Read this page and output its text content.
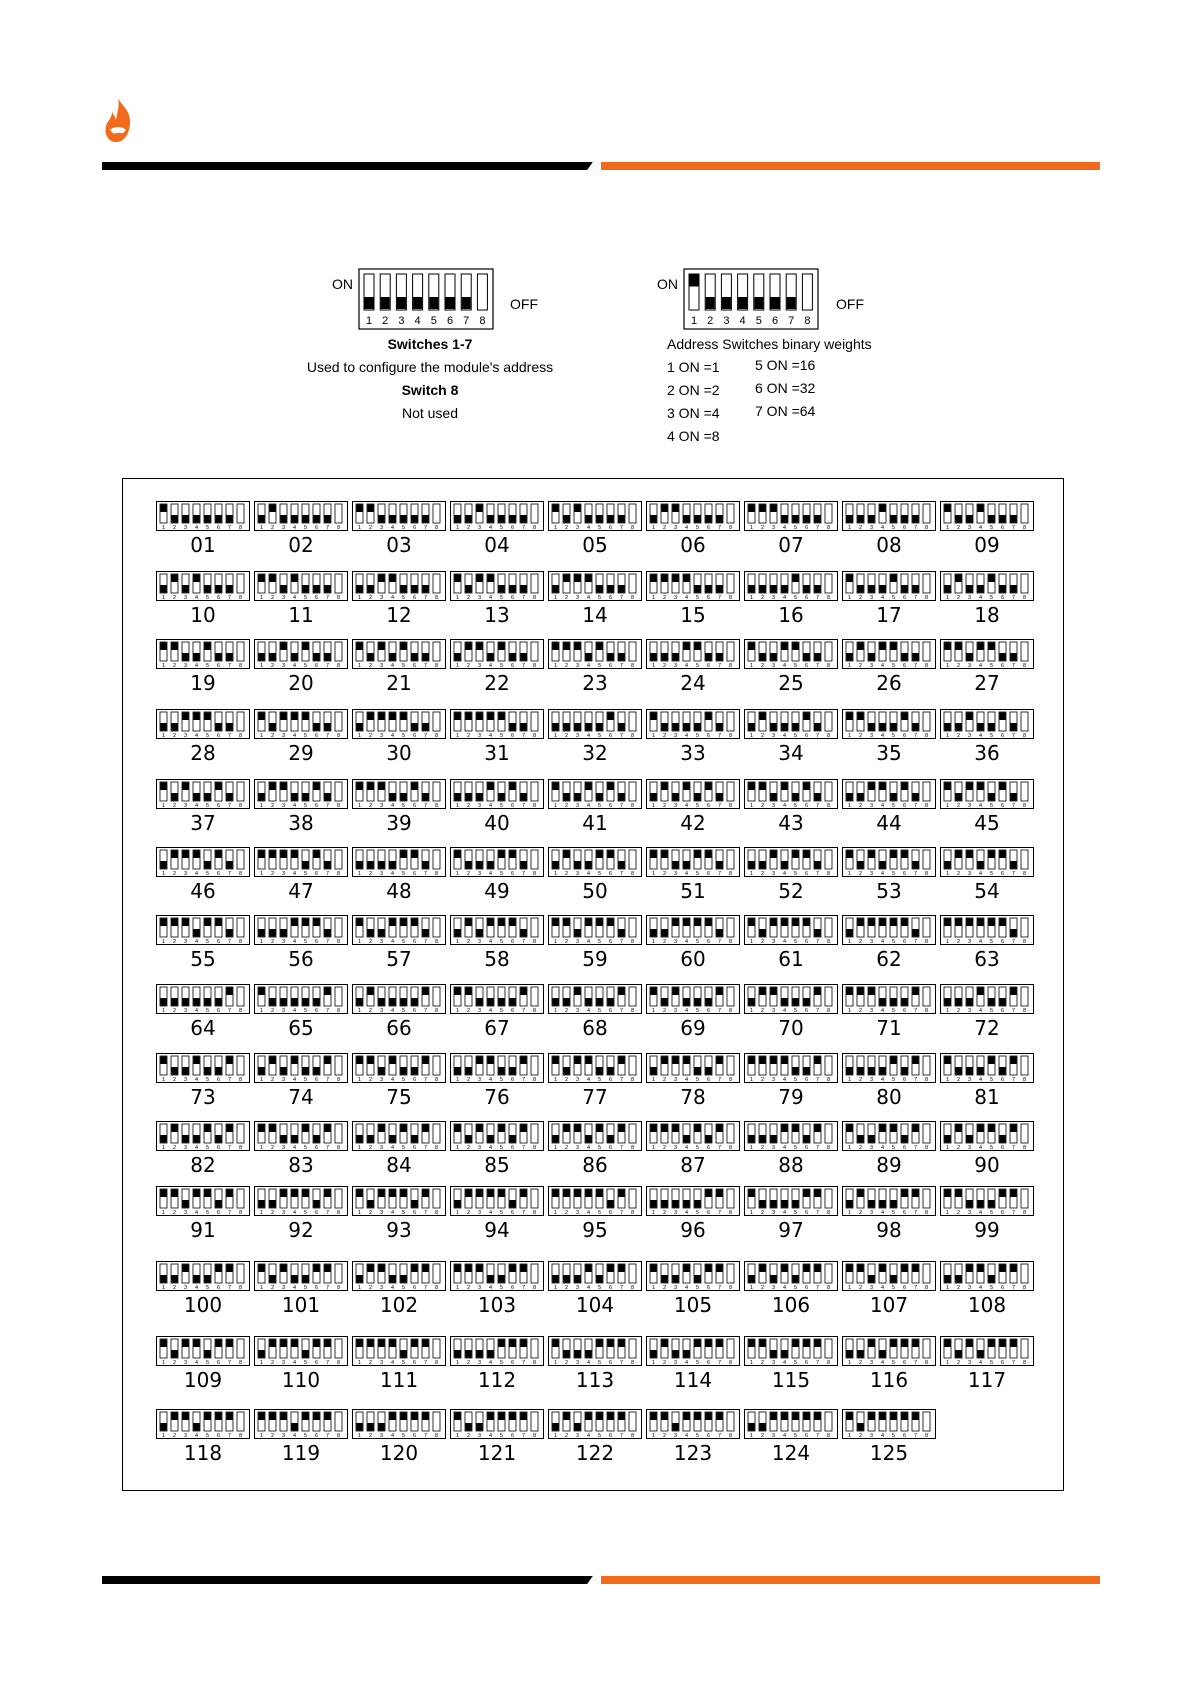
ON
1 2 3 4 5 6 7 8
OFF
Switches 1-7
Used to configure the module's address
Switch 8
Not used
ON
1 2 3 4 5 6 7 8
OFF
Address Switches binary weights
1 ON =1
2 ON =2
3 ON =4
4 ON =8
5 ON =16
6 ON =32
7 ON =64
1 2 3 4 5 6 7 8
01
1 2 3 4 5 6 7 8
02
1 2 3 4 5 6 7 8
03
1 2 3 4 5 6 7 8
04
1 2 3 4 5 6 7 8
05
1 2 3 4 5 6 7 8
06
1 2 3 4 5 6 7 8
07
1 2 3 4 5 6 7 8
08
1 2 3 4 5 6 7 8
09
1 2 3 4 5 6 7 8
10
1 2 3 4 5 6 7 8
11
1 2 3 4 5 6 7 8
12
1 2 3 4 5 6 7 8
13
1 2 3 4 5 6 7 8
14
1 2 3 4 5 6 7 8
15
1 2 3 4 5 6 7 8
16
1 2 3 4 5 6 7 8
17
1 2 3 4 5 6 7 8
18
1 2 3 4 5 6 7 8
19
1 2 3 4 5 6 7 8
20
1 2 3 4 5 6 7 8
21
1 2 3 4 5 6 7 8
22
1 2 3 4 5 6 7 8
23
1 2 3 4 5 6 7 8
24
1 2 3 4 5 6 7 8
25
1 2 3 4 5 6 7 8
26
1 2 3 4 5 6 7 8
27
1 2 3 4 5 6 7 8
28
1 2 3 4 5 6 7 8
29
1 2 3 4 5 6 7 8
30
1 2 3 4 5 6 7 8
31
1 2 3 4 5 6 7 8
32
1 2 3 4 5 6 7 8
33
1 2 3 4 5 6 7 8
34
1 2 3 4 5 6 7 8
35
1 2 3 4 5 6 7 8
36
1 2 3 4 5 6 7 8
37
1 2 3 4 5 6 7 8
38
1 2 3 4 5 6 7 8
39
1 2 3 4 5 6 7 8
40
1 2 3 4 5 6 7 8
41
1 2 3 4 5 6 7 8
42
1 2 3 4 5 6 7 8
43
1 2 3 4 5 6 7 8
44
1 2 3 4 5 6 7 8
45
1 2 3 4 5 6 7 8
46
1 2 3 4 5 6 7 8
47
1 2 3 4 5 6 7 8
48
1 2 3 4 5 6 7 8
49
1 2 3 4 5 6 7 8
50
1 2 3 4 5 6 7 8
51
1 2 3 4 5 6 7 8
52
1 2 3 4 5 6 7 8
53
1 2 3 4 5 6 7 8
54
1 2 3 4 5 6 7 8
55
1 2 3 4 5 6 7 8
56
1 2 3 4 5 6 7 8
57
1 2 3 4 5 6 7 8
58
1 2 3 4 5 6 7 8
59
1 2 3 4 5 6 7 8
60
1 2 3 4 5 6 7 8
61
1 2 3 4 5 6 7 8
62
1 2 3 4 5 6 7 8
63
1 2 3 4 5 6 7 8
64
1 2 3 4 5 6 7 8
65
1 2 3 4 5 6 7 8
66
1 2 3 4 5 6 7 8
67
1 2 3 4 5 6 7 8
68
1 2 3 4 5 6 7 8
69
1 2 3 4 5 6 7 8
70
1 2 3 4 5 6 7 8
71
1 2 3 4 5 6 7 8
72
1 2 3 4 5 6 7 8
73
1 2 3 4 5 6 7 8
74
1 2 3 4 5 6 7 8
75
1 2 3 4 5 6 7 8
76
1 2 3 4 5 6 7 8
77
1 2 3 4 5 6 7 8
78
1 2 3 4 5 6 7 8
79
1 2 3 4 5 6 7 8
80
1 2 3 4 5 6 7 8
81
1 2 3 4 5 6 7 8
82
1 2 3 4 5 6 7 8
83
1 2 3 4 5 6 7 8
84
1 2 3 4 5 6 7 8
85
1 2 3 4 5 6 7 8
86
1 2 3 4 5 6 7 8
87
1 2 3 4 5 6 7 8
88
1 2 3 4 5 6 7 8
89
1 2 3 4 5 6 7 8
90
1 2 3 4 5 6 7 8
91
1 2 3 4 5 6 7 8
92
1 2 3 4 5 6 7 8
93
1 2 3 4 5 6 7 8
94
1 2 3 4 5 6 7 8
95
1 2 3 4 5 6 7 8
96
1 2 3 4 5 6 7 8
97
1 2 3 4 5 6 7 8
98
1 2 3 4 5 6 7 8
99
1 2 3 4 5 6 7 8
100
1 2 3 4 5 6 7 8
101
1 2 3 4 5 6 7 8
102
1 2 3 4 5 6 7 8
103
1 2 3 4 5 6 7 8
104
1 2 3 4 5 6 7 8
105
1 2 3 4 5 6 7 8
106
1 2 3 4 5 6 7 8
107
1 2 3 4 5 6 7 8
108
1 2 3 4 5 6 7 8
109
1 2 3 4 5 6 7 8
110
1 2 3 4 5 6 7 8
111
1 2 3 4 5 6 7 8
112
1 2 3 4 5 6 7 8
113
1 2 3 4 5 6 7 8
114
1 2 3 4 5 6 7 8
115
1 2 3 4 5 6 7 8
116
1 2 3 4 5 6 7 8
117
1 2 3 4 5 6 7 8
118
1 2 3 4 5 6 7 8
119
1 2 3 4 5 6 7 8
120
1 2 3 4 5 6 7 8
121
1 2 3 4 5 6 7 8
122
1 2 3 4 5 6 7 8
123
1 2 3 4 5 6 7 8
124
1 2 3 4 5 6 7 8
125
